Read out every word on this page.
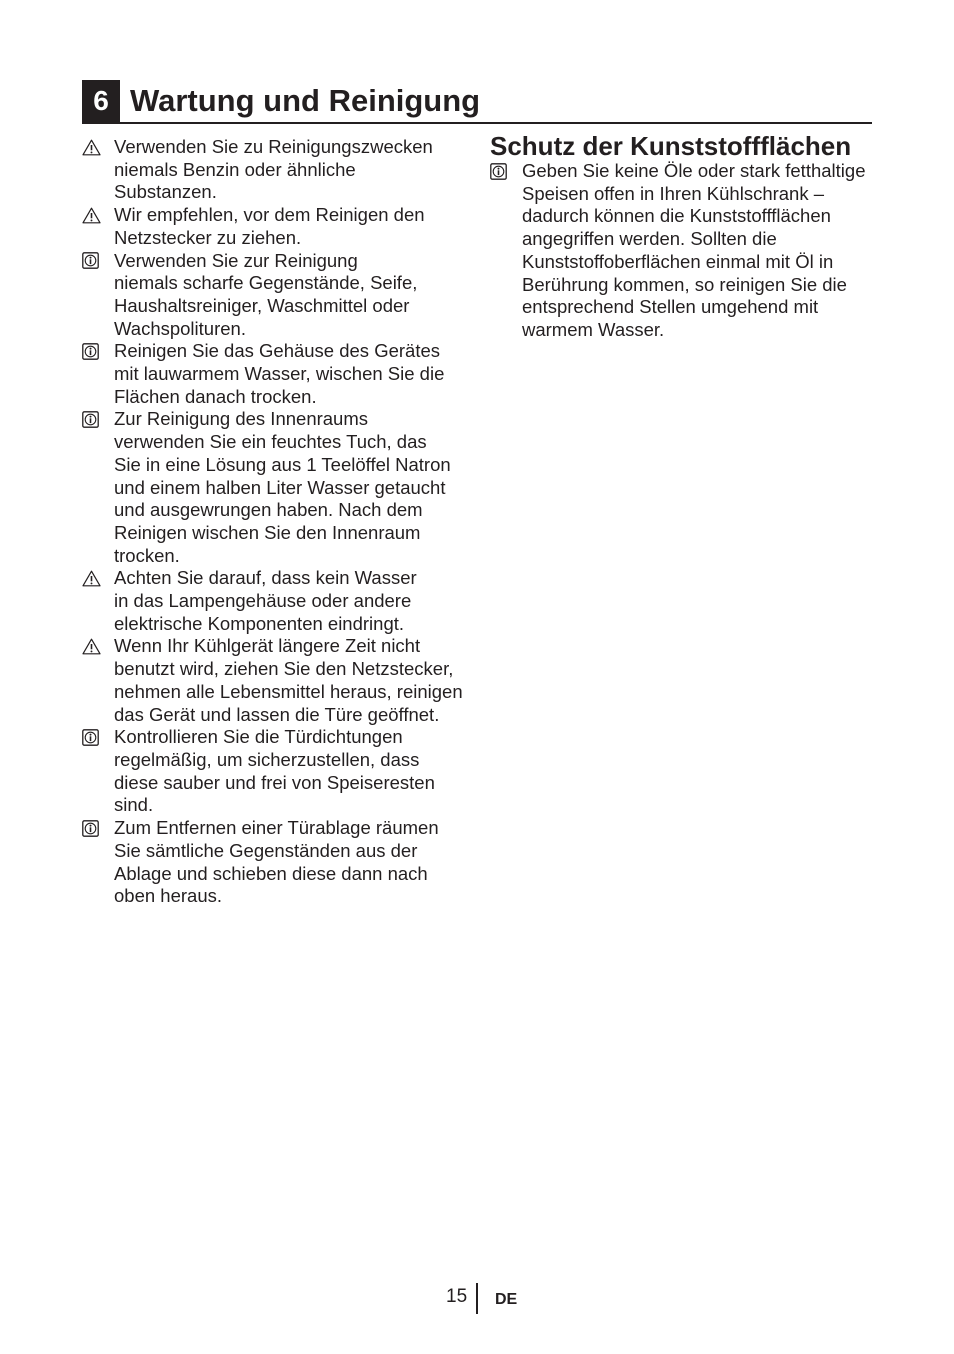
6 Wartung und Reinigung
Verwenden Sie zu Reinigungszwecken
niemals Benzin oder ähnliche
Substanzen.
Wir empfehlen, vor dem Reinigen den
Netzstecker zu ziehen.
Verwenden Sie zur Reinigung
niemals scharfe Gegenstände, Seife,
Haushaltsreiniger, Waschmittel oder
Wachspolituren.
Reinigen Sie das Gehäuse des Gerätes
mit lauwarmem Wasser, wischen Sie die
Flächen danach trocken.
Zur Reinigung des Innenraums
verwenden Sie ein feuchtes Tuch, das
Sie in eine Lösung aus 1 Teelöffel Natron
und einem halben Liter Wasser getaucht
und ausgewrungen haben. Nach dem
Reinigen wischen Sie den Innenraum
trocken.
Achten Sie darauf, dass kein Wasser
in das Lampengehäuse oder andere
elektrische Komponenten eindringt.
Wenn Ihr Kühlgerät längere Zeit nicht
benutzt wird, ziehen Sie den Netzstecker,
nehmen alle Lebensmittel heraus, reinigen
das Gerät und lassen die Türe geöffnet.
Kontrollieren Sie die Türdichtungen
regelmäßig, um sicherzustellen, dass
diese sauber und frei von Speiseresten
sind.
Zum Entfernen einer Türablage räumen
Sie sämtliche Gegenständen aus der
Ablage und schieben diese dann nach
oben heraus.
Schutz der Kunststoffflächen
Geben Sie keine Öle oder stark fetthaltige
Speisen offen in Ihren Kühlschrank –
dadurch können die Kunststoffflächen
angegriffen werden. Sollten die
Kunststoffoberflächen einmal mit Öl in
Berührung kommen, so reinigen Sie die
entsprechend Stellen umgehend mit
warmem Wasser.
15 DE
